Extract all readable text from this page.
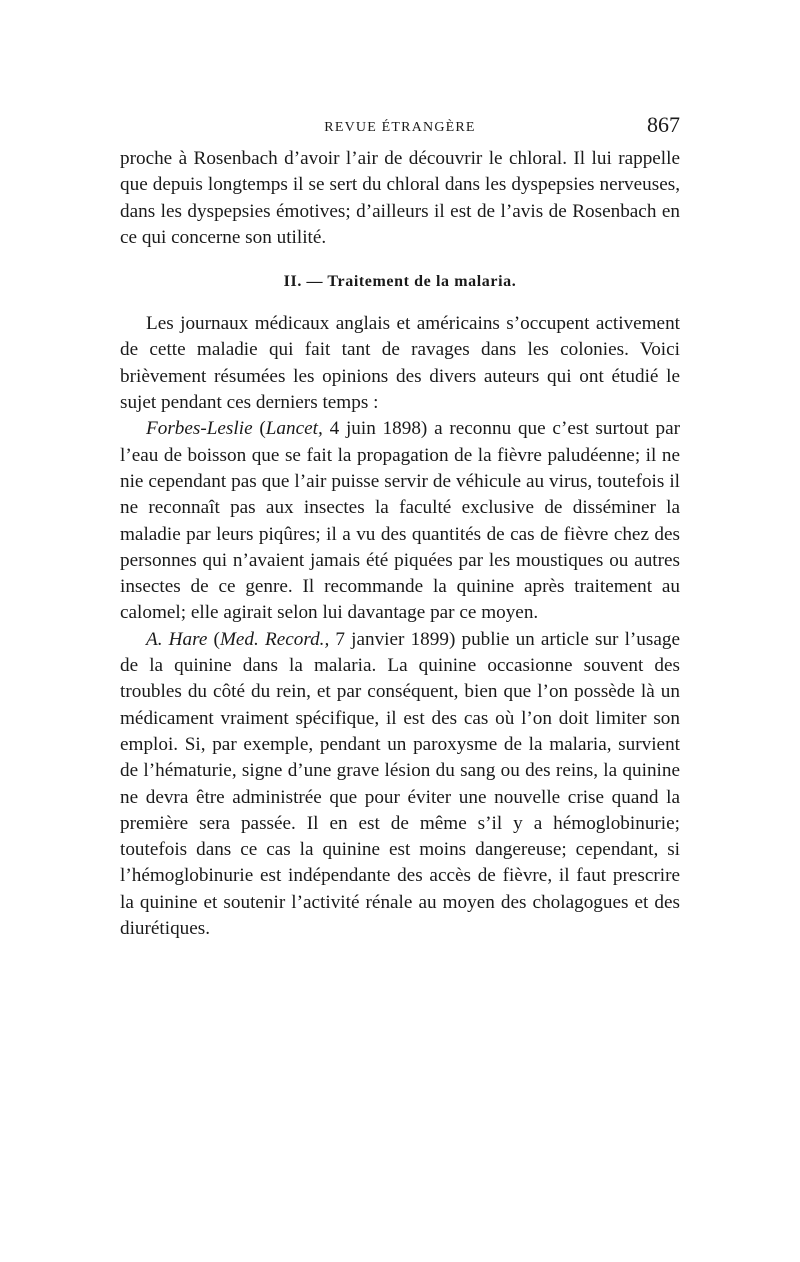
REVUE ÉTRANGÈRE	867

proche à Rosenbach d’avoir l’air de découvrir le chloral. Il lui rappelle que depuis longtemps il se sert du chloral dans les dyspepsies nerveuses, dans les dyspepsies émotives; d’ailleurs il est de l’avis de Rosenbach en ce qui concerne son utilité.

II. — Traitement de la malaria.

Les journaux médicaux anglais et américains s’occupent activement de cette maladie qui fait tant de ravages dans les colonies. Voici brièvement résumées les opinions des divers auteurs qui ont étudié le sujet pendant ces derniers temps :

Forbes-Leslie (Lancet, 4 juin 1898) a reconnu que c’est surtout par l’eau de boisson que se fait la propagation de la fièvre paludéenne; il ne nie cependant pas que l’air puisse servir de véhicule au virus, toutefois il ne reconnaît pas aux insectes la faculté exclusive de disséminer la maladie par leurs piqûres; il a vu des quantités de cas de fièvre chez des personnes qui n’avaient jamais été piquées par les moustiques ou autres insectes de ce genre. Il recommande la quinine après traitement au calomel; elle agirait selon lui davantage par ce moyen.

A. Hare (Med. Record., 7 janvier 1899) publie un article sur l’usage de la quinine dans la malaria. La quinine occasionne souvent des troubles du côté du rein, et par conséquent, bien que l’on possède là un médicament vraiment spécifique, il est des cas où l’on doit limiter son emploi. Si, par exemple, pendant un paroxysme de la malaria, survient de l’hématurie, signe d’une grave lésion du sang ou des reins, la quinine ne devra être administrée que pour éviter une nouvelle crise quand la première sera passée. Il en est de même s’il y a hémoglobinurie; toutefois dans ce cas la quinine est moins dangereuse; cependant, si l’hémoglobinurie est indépendante des accès de fièvre, il faut prescrire la quinine et soutenir l’activité rénale au moyen des cholagogues et des diurétiques.
